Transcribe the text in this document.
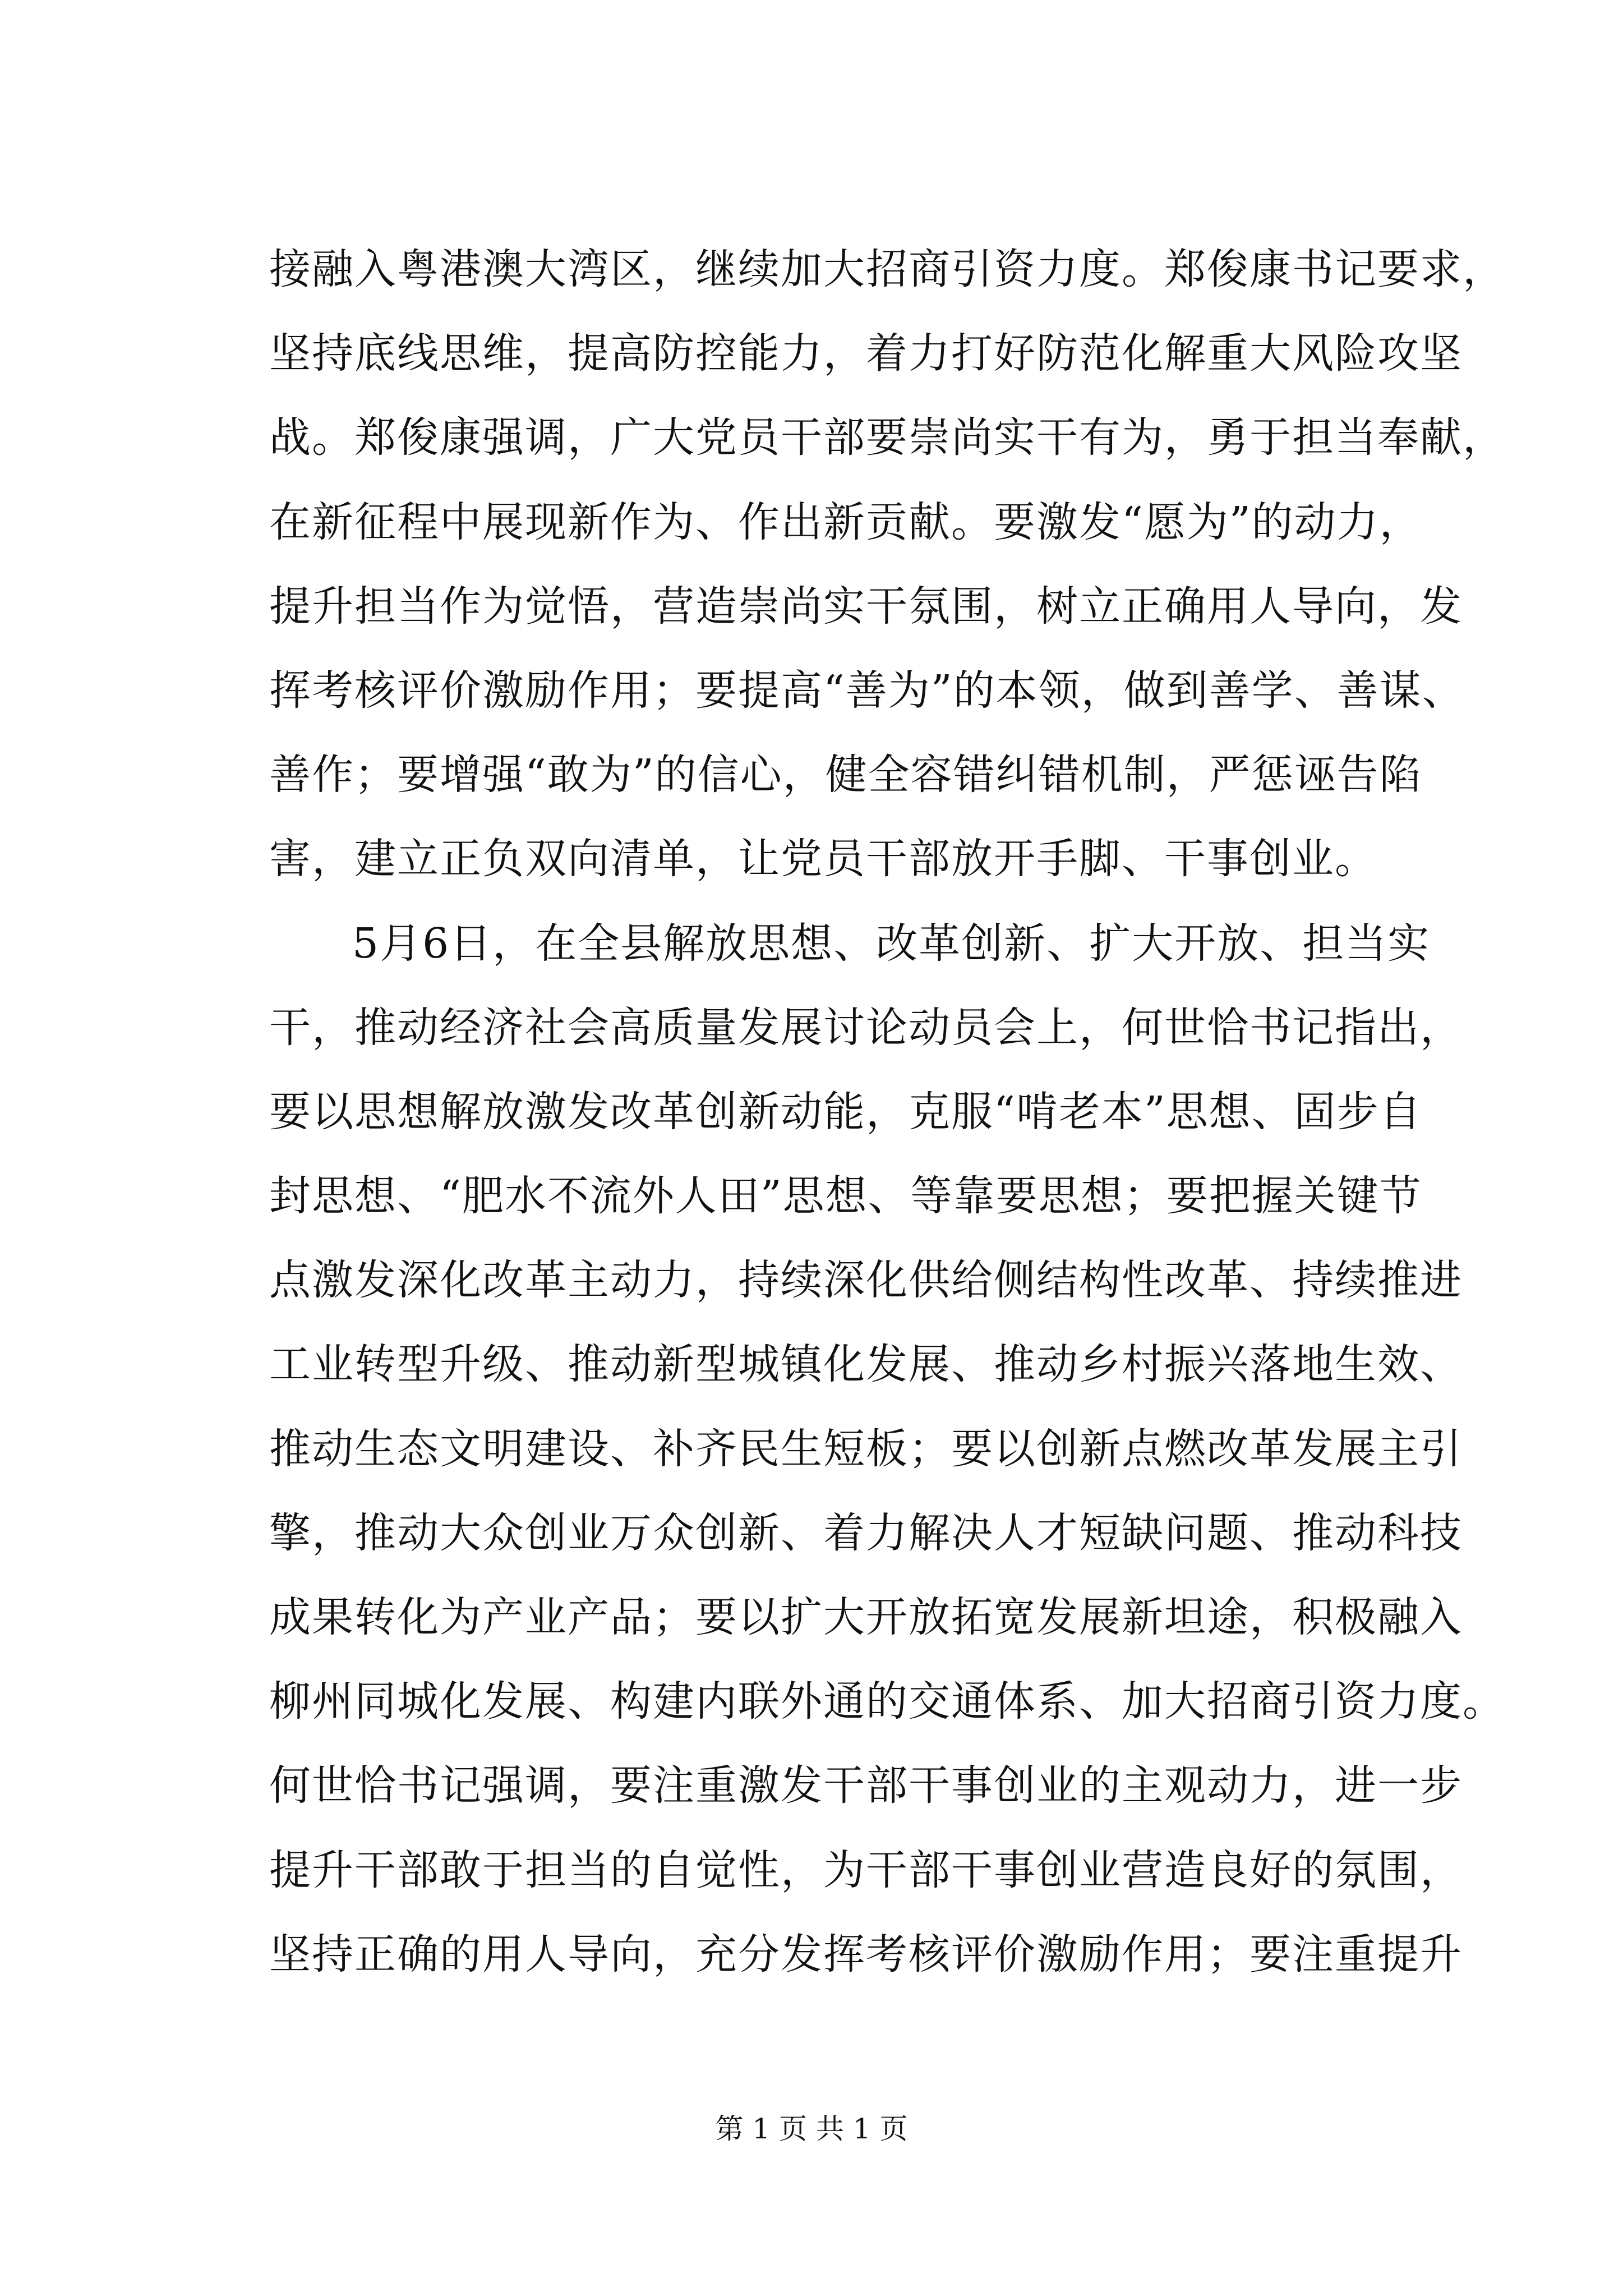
接融入粤港澳大湾区，继续加大招商引资力度。郑俊康书记要求，
坚持底线思维，提高防控能力，着力打好防范化解重大风险攻坚
战。郑俊康强调，广大党员干部要崇尚实干有为，勇于担当奉献，
在新征程中展现新作为、作出新贡献。要激发“愿为”的动力，
提升担当作为觉悟，营造崇尚实干氛围，树立正确用人导向，发
挥考核评价激励作用；要提高“善为”的本领，做到善学、善谋、
善作；要增强“敢为”的信心，健全容错纠错机制，严惩诬告陷
害，建立正负双向清单，让党员干部放开手脚、干事创业。
5月6日，在全县解放思想、改革创新、扩大开放、担当实
干，推动经济社会高质量发展讨论动员会上，何世恰书记指出，
要以思想解放激发改革创新动能，克服“啃老本”思想、固步自
封思想、“肥水不流外人田”思想、等靠要思想；要把握关键节
点激发深化改革主动力，持续深化供给侧结构性改革、持续推进
工业转型升级、推动新型城镇化发展、推动乡村振兴落地生效、
推动生态文明建设、补齐民生短板；要以创新点燃改革发展主引
擎，推动大众创业万众创新、着力解决人才短缺问题、推动科技
成果转化为产业产品；要以扩大开放拓宽发展新坦途，积极融入
柳州同城化发展、构建内联外通的交通体系、加大招商引资力度。
何世恰书记强调，要注重激发干部干事创业的主观动力，进一步
提升干部敢于担当的自觉性，为干部干事创业营造良好的氛围，
坚持正确的用人导向，充分发挥考核评价激励作用；要注重提升
第 1 页 共 1 页
